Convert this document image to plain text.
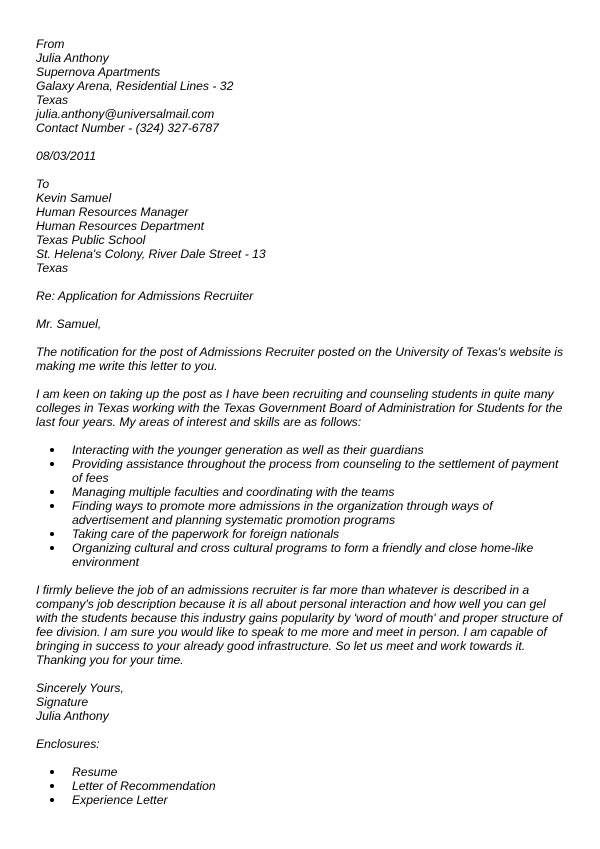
From
Julia Anthony
Supernova Apartments
Galaxy Arena, Residential Lines - 32
Texas
julia.anthony@universalmail.com
Contact Number - (324) 327-6787
08/03/2011
To
Kevin Samuel
Human Resources Manager
Human Resources Department
Texas Public School
St. Helena's Colony, River Dale Street - 13
Texas

Re: Application for Admissions Recruiter

Mr. Samuel,

The notification for the post of Admissions Recruiter posted on the University of Texas's website is making me write this letter to you.

I am keen on taking up the post as I have been recruiting and counseling students in quite many colleges in Texas working with the Texas Government Board of Administration for Students for the last four years. My areas of interest and skills are as follows:

Interacting with the younger generation as well as their guardians
Providing assistance throughout the process from counseling to the settlement of payment of fees
Managing multiple faculties and coordinating with the teams
Finding ways to promote more admissions in the organization through ways of advertisement and planning systematic promotion programs
Taking care of the paperwork for foreign nationals
Organizing cultural and cross cultural programs to form a friendly and close home-like environment

I firmly believe the job of an admissions recruiter is far more than whatever is described in a company's job description because it is all about personal interaction and how well you can gel with the students because this industry gains popularity by 'word of mouth' and proper structure of fee division. I am sure you would like to speak to me more and meet in person. I am capable of bringing in success to your already good infrastructure. So let us meet and work towards it. Thanking you for your time.

Sincerely Yours,
Signature
Julia Anthony

Enclosures:

Resume
Letter of Recommendation
Experience Letter
